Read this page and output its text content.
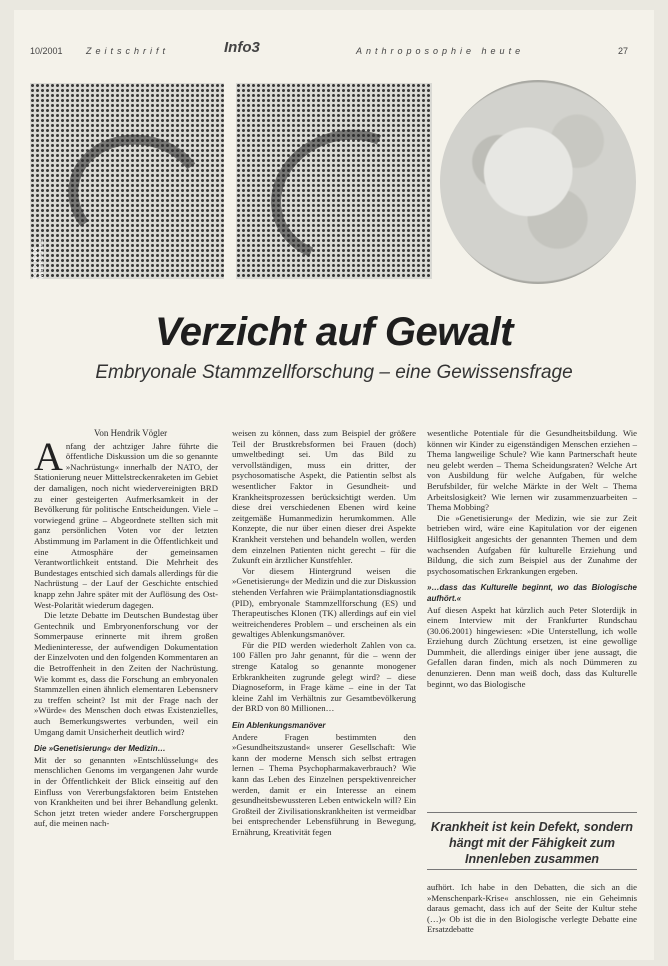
10/2001	Zeitschrift	Info3	Anthroposophie heute	27
FOTO: HEIDE WEBER-SCHULZ
Verzicht auf Gewalt
Embryonale Stammzellforschung – eine Gewissensfrage

Von Hendrik Vögler

Anfang der achtziger Jahre führte die öffentliche Diskussion um die so genannte »Nachrüstung« innerhalb der NATO, der Stationierung neuer Mittelstreckenraketen im Gebiet der damaligen, noch nicht wiedervereinigten BRD zu einer gesteigerten Aufmerksamkeit in der Bevölkerung für politische Entscheidungen. Viele – vorwiegend grüne – Abgeordnete stellten sich mit ganz persönlichen Voten vor der letzten Abstimmung im Parlament in die Öffentlichkeit und eine Atmosphäre der gemeinsamen Verantwortlichkeit entstand. Die Mehrheit des Bundestages entschied sich damals allerdings für die Nachrüstung – der Lauf der Geschichte entschied knapp zehn Jahre später mit der Auflösung des Ost-West-Polarität wiederum dagegen.

Die letzte Debatte im Deutschen Bundestag über Gentechnik und Embryonenforschung vor der Sommerpause erinnerte mit ihrem großen Medieninteresse, der aufwendigen Dokumentation der Einzelvoten und den folgenden Kommentaren an die Betroffenheit in den Zeiten der Nachrüstung. Wie kommt es, dass die Forschung an embryonalen Stammzellen einen ähnlich elementaren Lebensnerv zu treffen scheint? Ist mit der Frage nach der »Würde« des Menschen doch etwas Existenzielles, auch Bemerkungswertes verbunden, weil ein Umgang damit Unsicherheit deutlich wird?

Die »Genetisierung« der Medizin…

Mit der so genannten »Entschlüsselung« des menschlichen Genoms im vergangenen Jahr wurde in der Öffentlichkeit der Blick einseitig auf den Einfluss von Vererbungsfaktoren beim Entstehen von Krankheiten und bei ihrer Behandlung gelenkt. Schon jetzt treten wieder andere Forschergruppen auf, die meinen nach-

weisen zu können, dass zum Beispiel der größere Teil der Brustkrebsformen bei Frauen (doch) umweltbedingt sei. Um das Bild zu vervollständigen, muss ein dritter, der psychosomatische Aspekt, die Patientin selbst als wesentlicher Faktor in Gesundheit- und Krankheitsprozessen berücksichtigt werden. Um diese drei verschiedenen Ebenen wird keine zeitgemäße Humanmedizin herumkommen. Alle Konzepte, die nur über einen dieser drei Aspekte Krankheit verstehen und behandeln wollen, werden dem einzelnen Patienten nicht gerecht – für die Zukunft ein ärztlicher Kunstfehler.

Vor diesem Hintergrund weisen die »Genetisierung« der Medizin und die zur Diskussion stehenden Verfahren wie Präimplantationsdiagnostik (PID), embryonale Stammzellforschung (ES) und Therapeutisches Klonen (TK) allerdings auf ein viel weitreichenderes Problem – und erscheinen als ein gewaltiges Ablenkungsmanöver.

Für die PID werden wiederholt Zahlen von ca. 100 Fällen pro Jahr genannt, für die – wenn der strenge Katalog so genannte monogener Erbkrankheiten zugrunde gelegt wird? – diese Diagnoseform, in Frage käme – eine in der Tat kleine Zahl im Verhältnis zur Gesamtbevölkerung der BRD von 80 Millionen…

Ein Ablenkungsmanöver

Andere Fragen bestimmten den »Gesundheitszustand« unserer Gesellschaft: Wie kann der moderne Mensch sich selbst ertragen lernen – Thema Psychopharmakaverbrauch? Wie kann das Leben des Einzelnen perspektivenreicher werden, damit er ein Interesse an einem gesundheitsbewussteren Leben entwickeln will? Ein Großteil der Zivilisationskrankheiten ist vermeidbar bei entsprechender Lebensführung in Bewegung, Ernährung, Kreativität fegen

wesentliche Potentiale für die Gesundheitsbildung. Wie können wir Kinder zu eigenständigen Menschen erziehen – Thema langweilige Schule? Wie kann Partnerschaft heute neu gelebt werden – Thema Scheidungsraten? Welche Art von Ausbildung für welche Aufgaben, für welche Berufsbilder, für welche Märkte in der Welt – Thema Arbeitslosigkeit? Wie lernen wir zusammenzuarbeiten – Thema Mobbing?

Die »Genetisierung« der Medizin, wie sie zur Zeit betrieben wird, wäre eine Kapitulation vor der eigenen Hilflosigkeit angesichts der genannten Themen und dem wachsenden Aufgaben für kulturelle Erziehung und Bildung, die sich zum Beispiel aus der Zunahme der psychosomatischen Erkrankungen ergeben.

»…dass das Kulturelle beginnt, wo das Biologische aufhört.«

Auf diesen Aspekt hat kürzlich auch Peter Sloterdijk in einem Interview mit der Frankfurter Rundschau (30.06.2001) hingewiesen: »Die Unterstellung, ich wolle Erziehung durch Züchtung ersetzen, ist eine gewollige Dummheit, die allerdings einiger über jene aussagt, die Gefallen daran finden, mich als noch Dümmeren zu denunzieren. Denn man weiß doch, dass das Kulturelle beginnt, wo das Biologische

Krankheit ist kein Defekt, sondern hängt mit der Fähigkeit zum Innenleben zusammen

aufhört. Ich habe in den Debatten, die sich an die »Menschenpark-Krise« anschlossen, nie ein Geheimnis daraus gemacht, dass ich auf der Seite der Kultur stehe (…)« Ob ist die in den Biologische verlegte Debatte eine Ersatzdebatte
